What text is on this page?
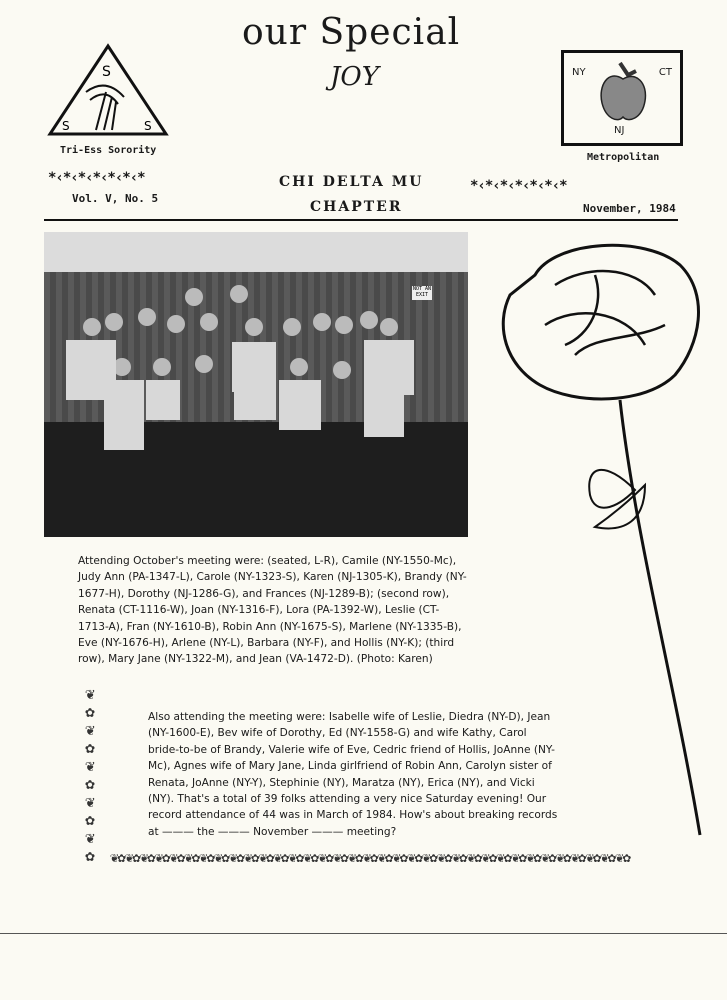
our Special
JOY
S
S	S
Tri-Ess Sorority
NY	CT
NJ
Metropolitan
*‹*‹*‹*‹*‹*‹*	CHI DELTA MU	*‹*‹*‹*‹*‹*‹*
Vol. V, No. 5
CHAPTER	November, 1984
NOT AN EXIT
Attending October's meeting were: (seated, L-R), Camile (NY-1550-Mc), Judy Ann (PA-1347-L), Carole (NY-1323-S), Karen (NJ-1305-K), Brandy (NY-1677-H), Dorothy (NJ-1286-G), and Frances (NJ-1289-B); (second row), Renata (CT-1116-W), Joan (NY-1316-F), Lora (PA-1392-W), Leslie (CT-1713-A), Fran (NY-1610-B), Robin Ann (NY-1675-S), Marlene (NY-1335-B), Eve (NY-1676-H), Arlene (NY-L), Barbara (NY-F), and Hollis (NY-K); (third row), Mary Jane (NY-1322-M), and Jean (VA-1472-D). (Photo: Karen)
❦
✿
❦
✿
❦
✿
❦
✿
❦
✿
Also attending the meeting were: Isabelle wife of Leslie, Diedra (NY-D), Jean (NY-1600-E), Bev wife of Dorothy, Ed (NY-1558-G) and wife Kathy, Carol bride-to-be of Brandy, Valerie wife of Eve, Cedric friend of Hollis, JoAnne (NY-Mc), Agnes wife of Mary Jane, Linda girlfriend of Robin Ann, Carolyn sister of Renata, JoAnne (NY-Y), Stephinie (NY), Maratza (NY), Erica (NY), and Vicki (NY). That's a total of 39 folks attending a very nice Saturday evening! Our record attendance of 44 was in March of 1984. How's about breaking records at ——— the ——— November ——— meeting?
❦✿❦✿❦✿❦✿❦✿❦✿❦✿❦✿❦✿❦✿❦✿❦✿❦✿❦✿❦✿❦✿❦✿❦✿❦✿❦✿❦✿❦✿❦✿❦✿❦✿❦✿❦✿❦✿❦✿❦✿❦✿❦✿❦✿❦✿❦✿
